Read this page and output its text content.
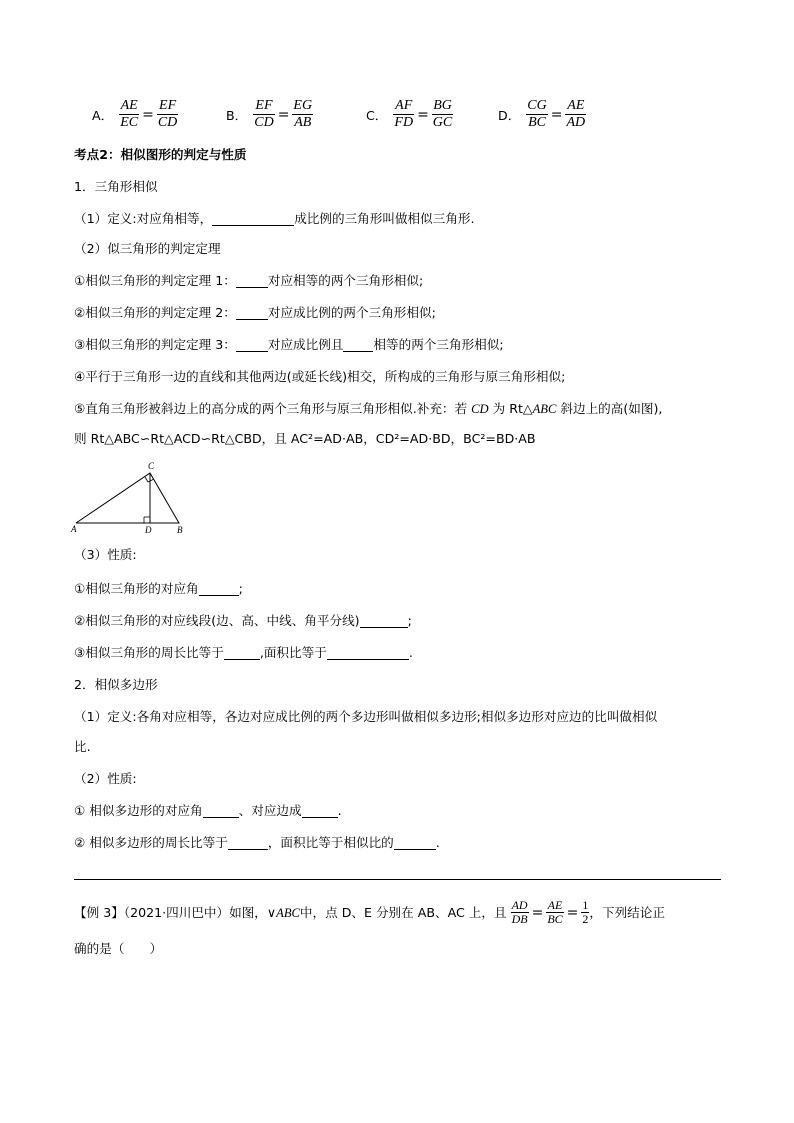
A． $\frac{AE}{EC} = \frac{EF}{CD}$	B． $\frac{EF}{CD} = \frac{EG}{AB}$	C． $\frac{AF}{FD} = \frac{BG}{GC}$	D． $\frac{CG}{BC} = \frac{AE}{AD}$
考点2：相似图形的判定与性质
1．三角形相似
（1）定义:对应角相等，	成比例的三角形叫做相似三角形.
（2）似三角形的判定定理
①相似三角形的判定定理 1：	对应相等的两个三角形相似;
②相似三角形的判定定理 2：	对应成比例的两个三角形相似;
③相似三角形的判定定理 3：	对应成比例且 相等的两个三角形相似;
④平行于三角形一边的直线和其他两边(或延长线)相交，所构成的三角形与原三角形相似;
⑤直角三角形被斜边上的高分成的两个三角形与原三角形相似.补充：若 CD 为 Rt△ABC 斜边上的高(如图),
则 Rt△ABC∽Rt△ACD∽Rt△CBD，且 AC²=AD·AB，CD²=AD·BD，BC²=BD·AB
C
A	D	B
（3）性质:
①相似三角形的对应角	;
②相似三角形的对应线段(边、高、中线、角平分线)	;
③相似三角形的周长比等于	,面积比等于	.
2．相似多边形
（1）定义:各角对应相等，各边对应成比例的两个多边形叫做相似多边形;相似多边形对应边的比叫做相似
比.
（2）性质:
① 相似多边形的对应角	、对应边成	.
② 相似多边形的周长比等于	，面积比等于相似比的	.
【例 3】（2021·四川巴中）如图， ∨ABC 中，点 D、E 分别在 AB、AC 上，且 $\frac{AD}{DB} = \frac{AE}{BC} = \frac{1}{2}$ ，下列结论正
确的是（　　）
